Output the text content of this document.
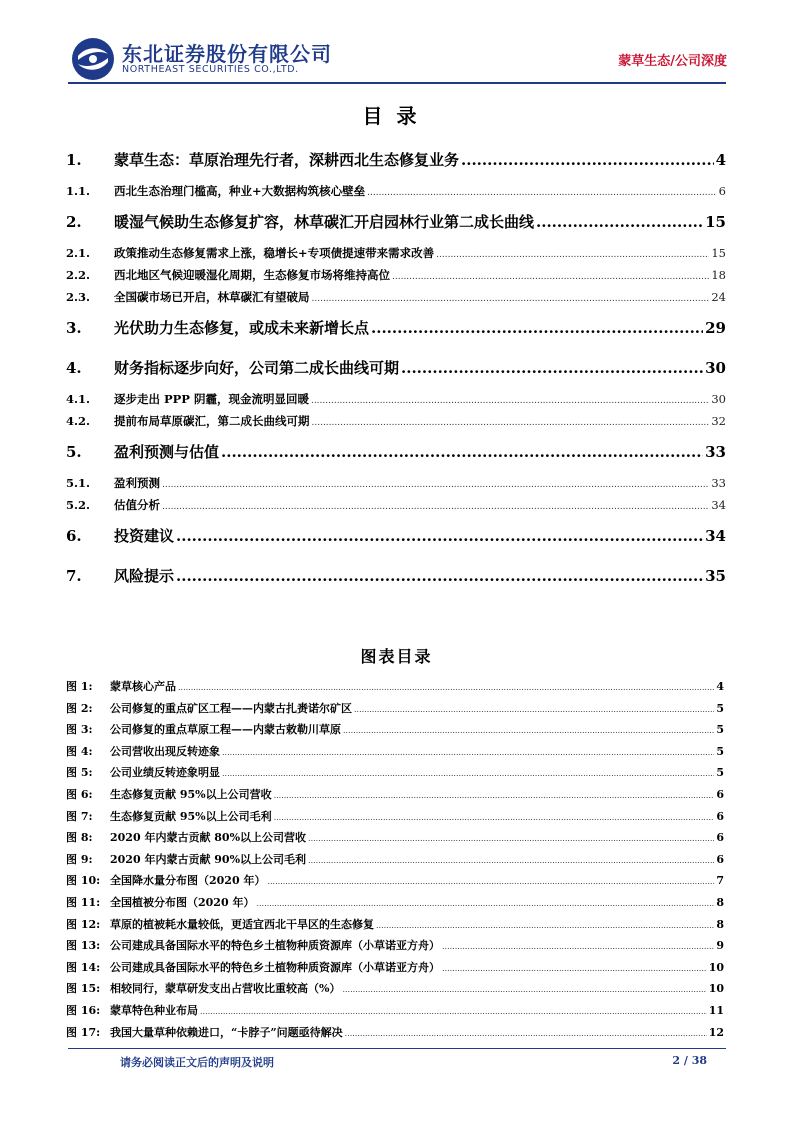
东北证券股份有限公司
NORTHEAST SECURITIES CO.,LTD.
蒙草生态/公司深度
目录
1.	蒙草生态：草原治理先行者，深耕西北生态修复业务 .....	4
1.1.	西北生态治理门槛高，种业+大数据构筑核心壁垒 .....	6
2.	暖湿气候助生态修复扩容，林草碳汇开启园林行业第二成长曲线 .....	15
2.1.	政策推动生态修复需求上涨，稳增长+专项债提速带来需求改善 .....	15
2.2.	西北地区气候迎暖湿化周期，生态修复市场将维持高位 .....	18
2.3.	全国碳市场已开启，林草碳汇有望破局 .....	24
3.	光伏助力生态修复，或成未来新增长点 .....	29
4.	财务指标逐步向好，公司第二成长曲线可期 .....	30
4.1.	逐步走出 PPP 阴霾，现金流明显回暖 .....	30
4.2.	提前布局草原碳汇，第二成长曲线可期 .....	32
5.	盈利预测与估值 .....	33
5.1.	盈利预测 .....	33
5.2.	估值分析 .....	34
6.	投资建议 .....	34
7.	风险提示 .....	35
图表目录
图 1:	蒙草核心产品 .....	4
图 2:	公司修复的重点矿区工程——内蒙古扎赉诺尔矿区 .....	5
图 3:	公司修复的重点草原工程——内蒙古敕勒川草原 .....	5
图 4:	公司营收出现反转迹象 .....	5
图 5:	公司业绩反转迹象明显 .....	5
图 6:	生态修复贡献 95%以上公司营收 .....	6
图 7:	生态修复贡献 95%以上公司毛利 .....	6
图 8:	2020 年内蒙古贡献 80%以上公司营收 .....	6
图 9:	2020 年内蒙古贡献 90%以上公司毛利 .....	6
图 10: 全国降水量分布图（2020 年） .....	7
图 11: 全国植被分布图（2020 年） .....	8
图 12: 草原的植被耗水量较低，更适宜西北干旱区的生态修复 .....	8
图 13: 公司建成具备国际水平的特色乡土植物种质资源库（小草诺亚方舟） .....	9
图 14: 公司建成具备国际水平的特色乡土植物种质资源库（小草诺亚方舟） .....	10
图 15: 相较同行，蒙草研发支出占营收比重较高（%） .....	10
图 16: 蒙草特色种业布局 .....	11
图 17: 我国大量草种依赖进口，“卡脖子”问题亟待解决 .....	12
请务必阅读正文后的声明及说明	2 / 38
